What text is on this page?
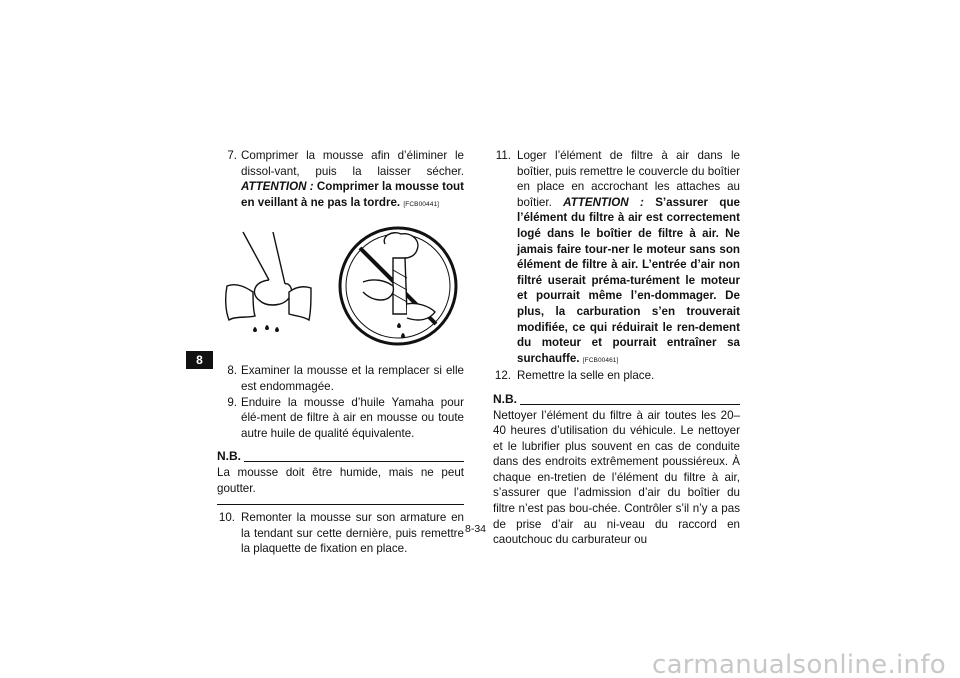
8
7. Comprimer la mousse afin d’éliminer le dissol-vant, puis la laisser sécher. ATTENTION : Comprimer la mousse tout en veillant à ne pas la tordre. [FCB00441]
8. Examiner la mousse et la remplacer si elle est endommagée.
9. Enduire la mousse d’huile Yamaha pour élé-ment de filtre à air en mousse ou toute autre huile de qualité équivalente.
N.B.
La mousse doit être humide, mais ne peut goutter.
10. Remonter la mousse sur son armature en la tendant sur cette dernière, puis remettre la plaquette de fixation en place.
11. Loger l’élément de filtre à air dans le boîtier, puis remettre le couvercle du boîtier en place en accrochant les attaches au boîtier. ATTENTION : S’assurer que l’élément du filtre à air est correctement logé dans le boîtier de filtre à air. Ne jamais faire tour-ner le moteur sans son élément de filtre à air. L’entrée d’air non filtré userait préma-turément le moteur et pourrait même l’en-dommager. De plus, la carburation s’en trouverait modifiée, ce qui réduirait le ren-dement du moteur et pourrait entraîner sa surchauffe. [FCB00461]
12. Remettre la selle en place.
N.B.
Nettoyer l’élément du filtre à air toutes les 20–40 heures d’utilisation du véhicule. Le nettoyer et le lubrifier plus souvent en cas de conduite dans des endroits extrêmement poussiéreux. À chaque en-tretien de l’élément du filtre à air, s’assurer que l’admission d’air du boîtier du filtre n’est pas bou-chée. Contrôler s’il n’y a pas de prise d’air au ni-veau du raccord en caoutchouc du carburateur ou
8-34
carmanualsonline.info
